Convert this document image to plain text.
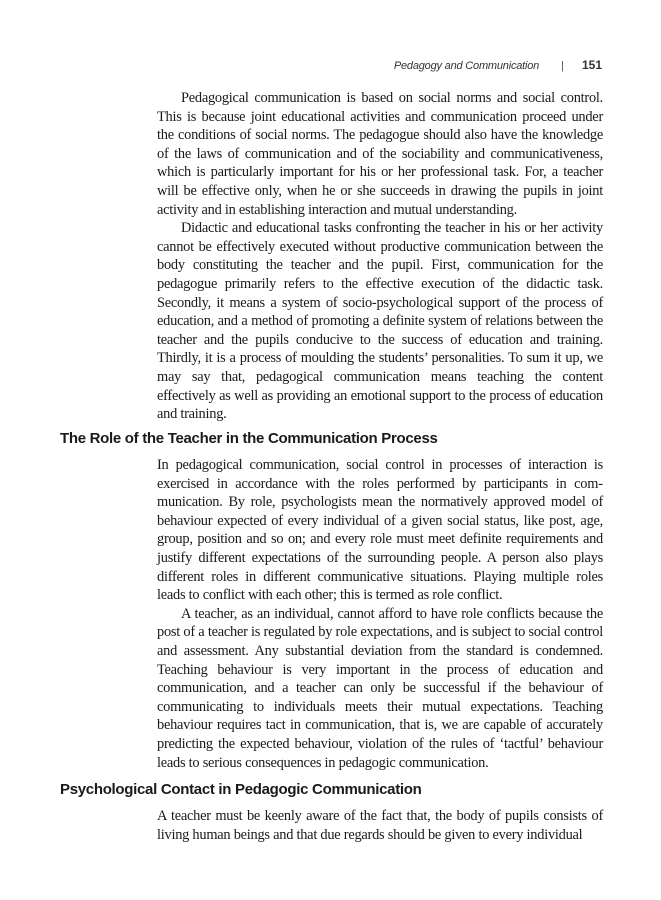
Pedagogy and Communication | 151

Pedagogical communication is based on social norms and social control. This is because joint educational activities and communication proceed under the conditions of social norms. The pedagogue should also have the knowledge of the laws of communication and of the sociability and communicativeness, which is particularly important for his or her professional task. For, a teacher will be effective only, when he or she succeeds in drawing the pupils in joint activity and in establishing interaction and mutual understanding.

Didactic and educational tasks confronting the teacher in his or her activity cannot be effectively executed without productive communication between the body constituting the teacher and the pupil. First, communication for the pedagogue primarily refers to the effective execution of the didactic task. Secondly, it means a system of socio-psychological support of the process of education, and a method of promoting a definite system of relations between the teacher and the pupils conducive to the success of education and training. Thirdly, it is a process of moulding the students’ personalities. To sum it up, we may say that, pedagogical communication means teaching the content effectively as well as providing an emotional support to the process of education and training.

The Role of the Teacher in the Communication Process

In pedagogical communication, social control in processes of interaction is exercised in accordance with the roles performed by participants in communication. By role, psychologists mean the normatively approved model of behaviour expected of every individual of a given social status, like post, age, group, position and so on; and every role must meet definite requirements and justify different expectations of the surrounding people. A person also plays different roles in different communicative situations. Playing multiple roles leads to conflict with each other; this is termed as role conflict.

A teacher, as an individual, cannot afford to have role conflicts because the post of a teacher is regulated by role expectations, and is subject to social control and assessment. Any substantial deviation from the standard is condemned. Teaching behaviour is very important in the process of education and communication, and a teacher can only be successful if the behaviour of communicating to individuals meets their mutual expectations. Teaching behaviour requires tact in communication, that is, we are capable of accurately predicting the expected behaviour, violation of the rules of ‘tactful’ behaviour leads to serious consequences in pedagogic communication.

Psychological Contact in Pedagogic Communication

A teacher must be keenly aware of the fact that, the body of pupils consists of living human beings and that due regards should be given to every individual
